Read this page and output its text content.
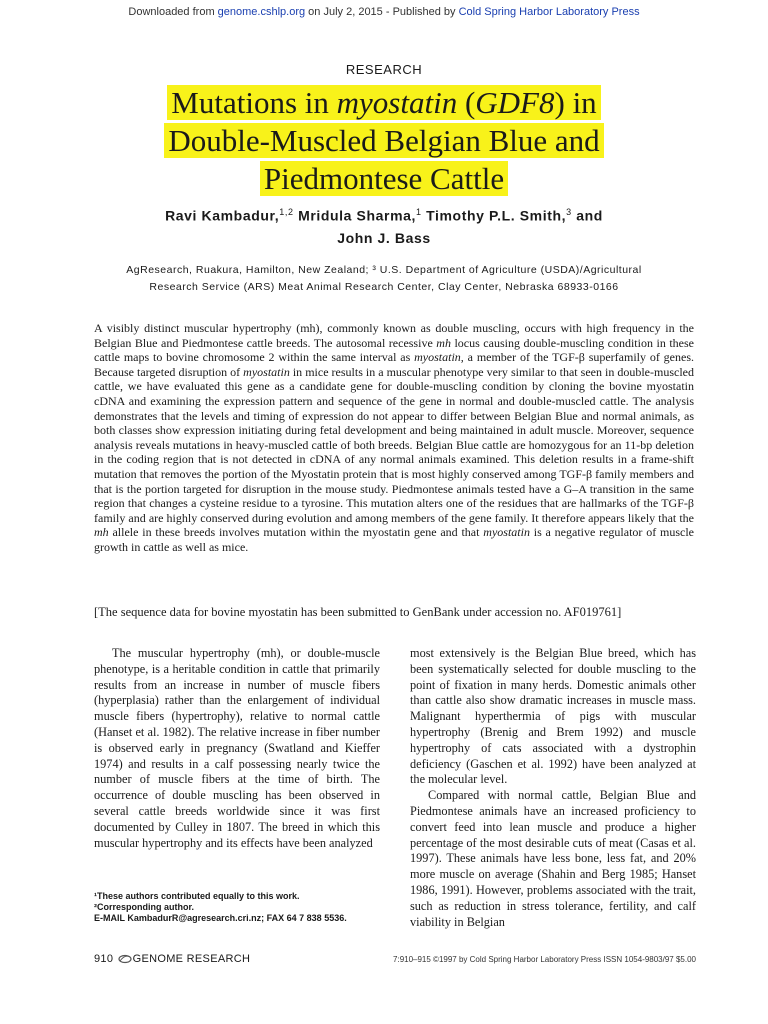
Downloaded from genome.cshlp.org on July 2, 2015 - Published by Cold Spring Harbor Laboratory Press
RESEARCH
Mutations in myostatin (GDF8) in
Double-Muscled Belgian Blue and
Piedmontese Cattle
Ravi Kambadur,$^{1,2}$ Mridula Sharma,$^1$ Timothy P.L. Smith,$^3$ and
John J. Bass
AgResearch, Ruakura, Hamilton, New Zealand; ³ U.S. Department of Agriculture (USDA)/Agricultural
Research Service (ARS) Meat Animal Research Center, Clay Center, Nebraska 68933-0166
A visibly distinct muscular hypertrophy (mh), commonly known as double muscling, occurs with high frequency in the Belgian Blue and Piedmontese cattle breeds. The autosomal recessive mh locus causing double-muscling condition in these cattle maps to bovine chromosome 2 within the same interval as myostatin, a member of the TGF-β superfamily of genes. Because targeted disruption of myostatin in mice results in a muscular phenotype very similar to that seen in double-muscled cattle, we have evaluated this gene as a candidate gene for double-muscling condition by cloning the bovine myostatin cDNA and examining the expression pattern and sequence of the gene in normal and double-muscled cattle. The analysis demonstrates that the levels and timing of expression do not appear to differ between Belgian Blue and normal animals, as both classes show expression initiating during fetal development and being maintained in adult muscle. Moreover, sequence analysis reveals mutations in heavy-muscled cattle of both breeds. Belgian Blue cattle are homozygous for an 11-bp deletion in the coding region that is not detected in cDNA of any normal animals examined. This deletion results in a frame-shift mutation that removes the portion of the Myostatin protein that is most highly conserved among TGF-β family members and that is the portion targeted for disruption in the mouse study. Piedmontese animals tested have a G–A transition in the same region that changes a cysteine residue to a tyrosine. This mutation alters one of the residues that are hallmarks of the TGF-β family and are highly conserved during evolution and among members of the gene family. It therefore appears likely that the mh allele in these breeds involves mutation within the myostatin gene and that myostatin is a negative regulator of muscle growth in cattle as well as mice.
[The sequence data for bovine myostatin has been submitted to GenBank under accession no. AF019761]

The muscular hypertrophy (mh), or double-muscle phenotype, is a heritable condition in cattle that primarily results from an increase in number of muscle fibers (hyperplasia) rather than the enlargement of individual muscle fibers (hypertrophy), relative to normal cattle (Hanset et al. 1982). The relative increase in fiber number is observed early in pregnancy (Swatland and Kieffer 1974) and results in a calf possessing nearly twice the number of muscle fibers at the time of birth. The occurrence of double muscling has been observed in several cattle breeds worldwide since it was first documented by Culley in 1807. The breed in which this muscular hypertrophy and its effects have been analyzed

most extensively is the Belgian Blue breed, which has been systematically selected for double muscling to the point of fixation in many herds. Domestic animals other than cattle also show dramatic increases in muscle mass. Malignant hyperthermia of pigs with muscular hypertrophy (Brenig and Brem 1992) and muscle hypertrophy of cats associated with a dystrophin deficiency (Gaschen et al. 1992) have been analyzed at the molecular level.

Compared with normal cattle, Belgian Blue and Piedmontese animals have an increased proficiency to convert feed into lean muscle and produce a higher percentage of the most desirable cuts of meat (Casas et al. 1997). These animals have less bone, less fat, and 20% more muscle on average (Shahin and Berg 1985; Hanset 1986, 1991). However, problems associated with the trait, such as reduction in stress tolerance, fertility, and calf viability in Belgian

¹These authors contributed equally to this work.
²Corresponding author.
E-MAIL KambadurR@agresearch.cri.nz; FAX 64 7 838 5536.
910 GENOME RESEARCH	7:910–915 ©1997 by Cold Spring Harbor Laboratory Press ISSN 1054-9803/97 $5.00
